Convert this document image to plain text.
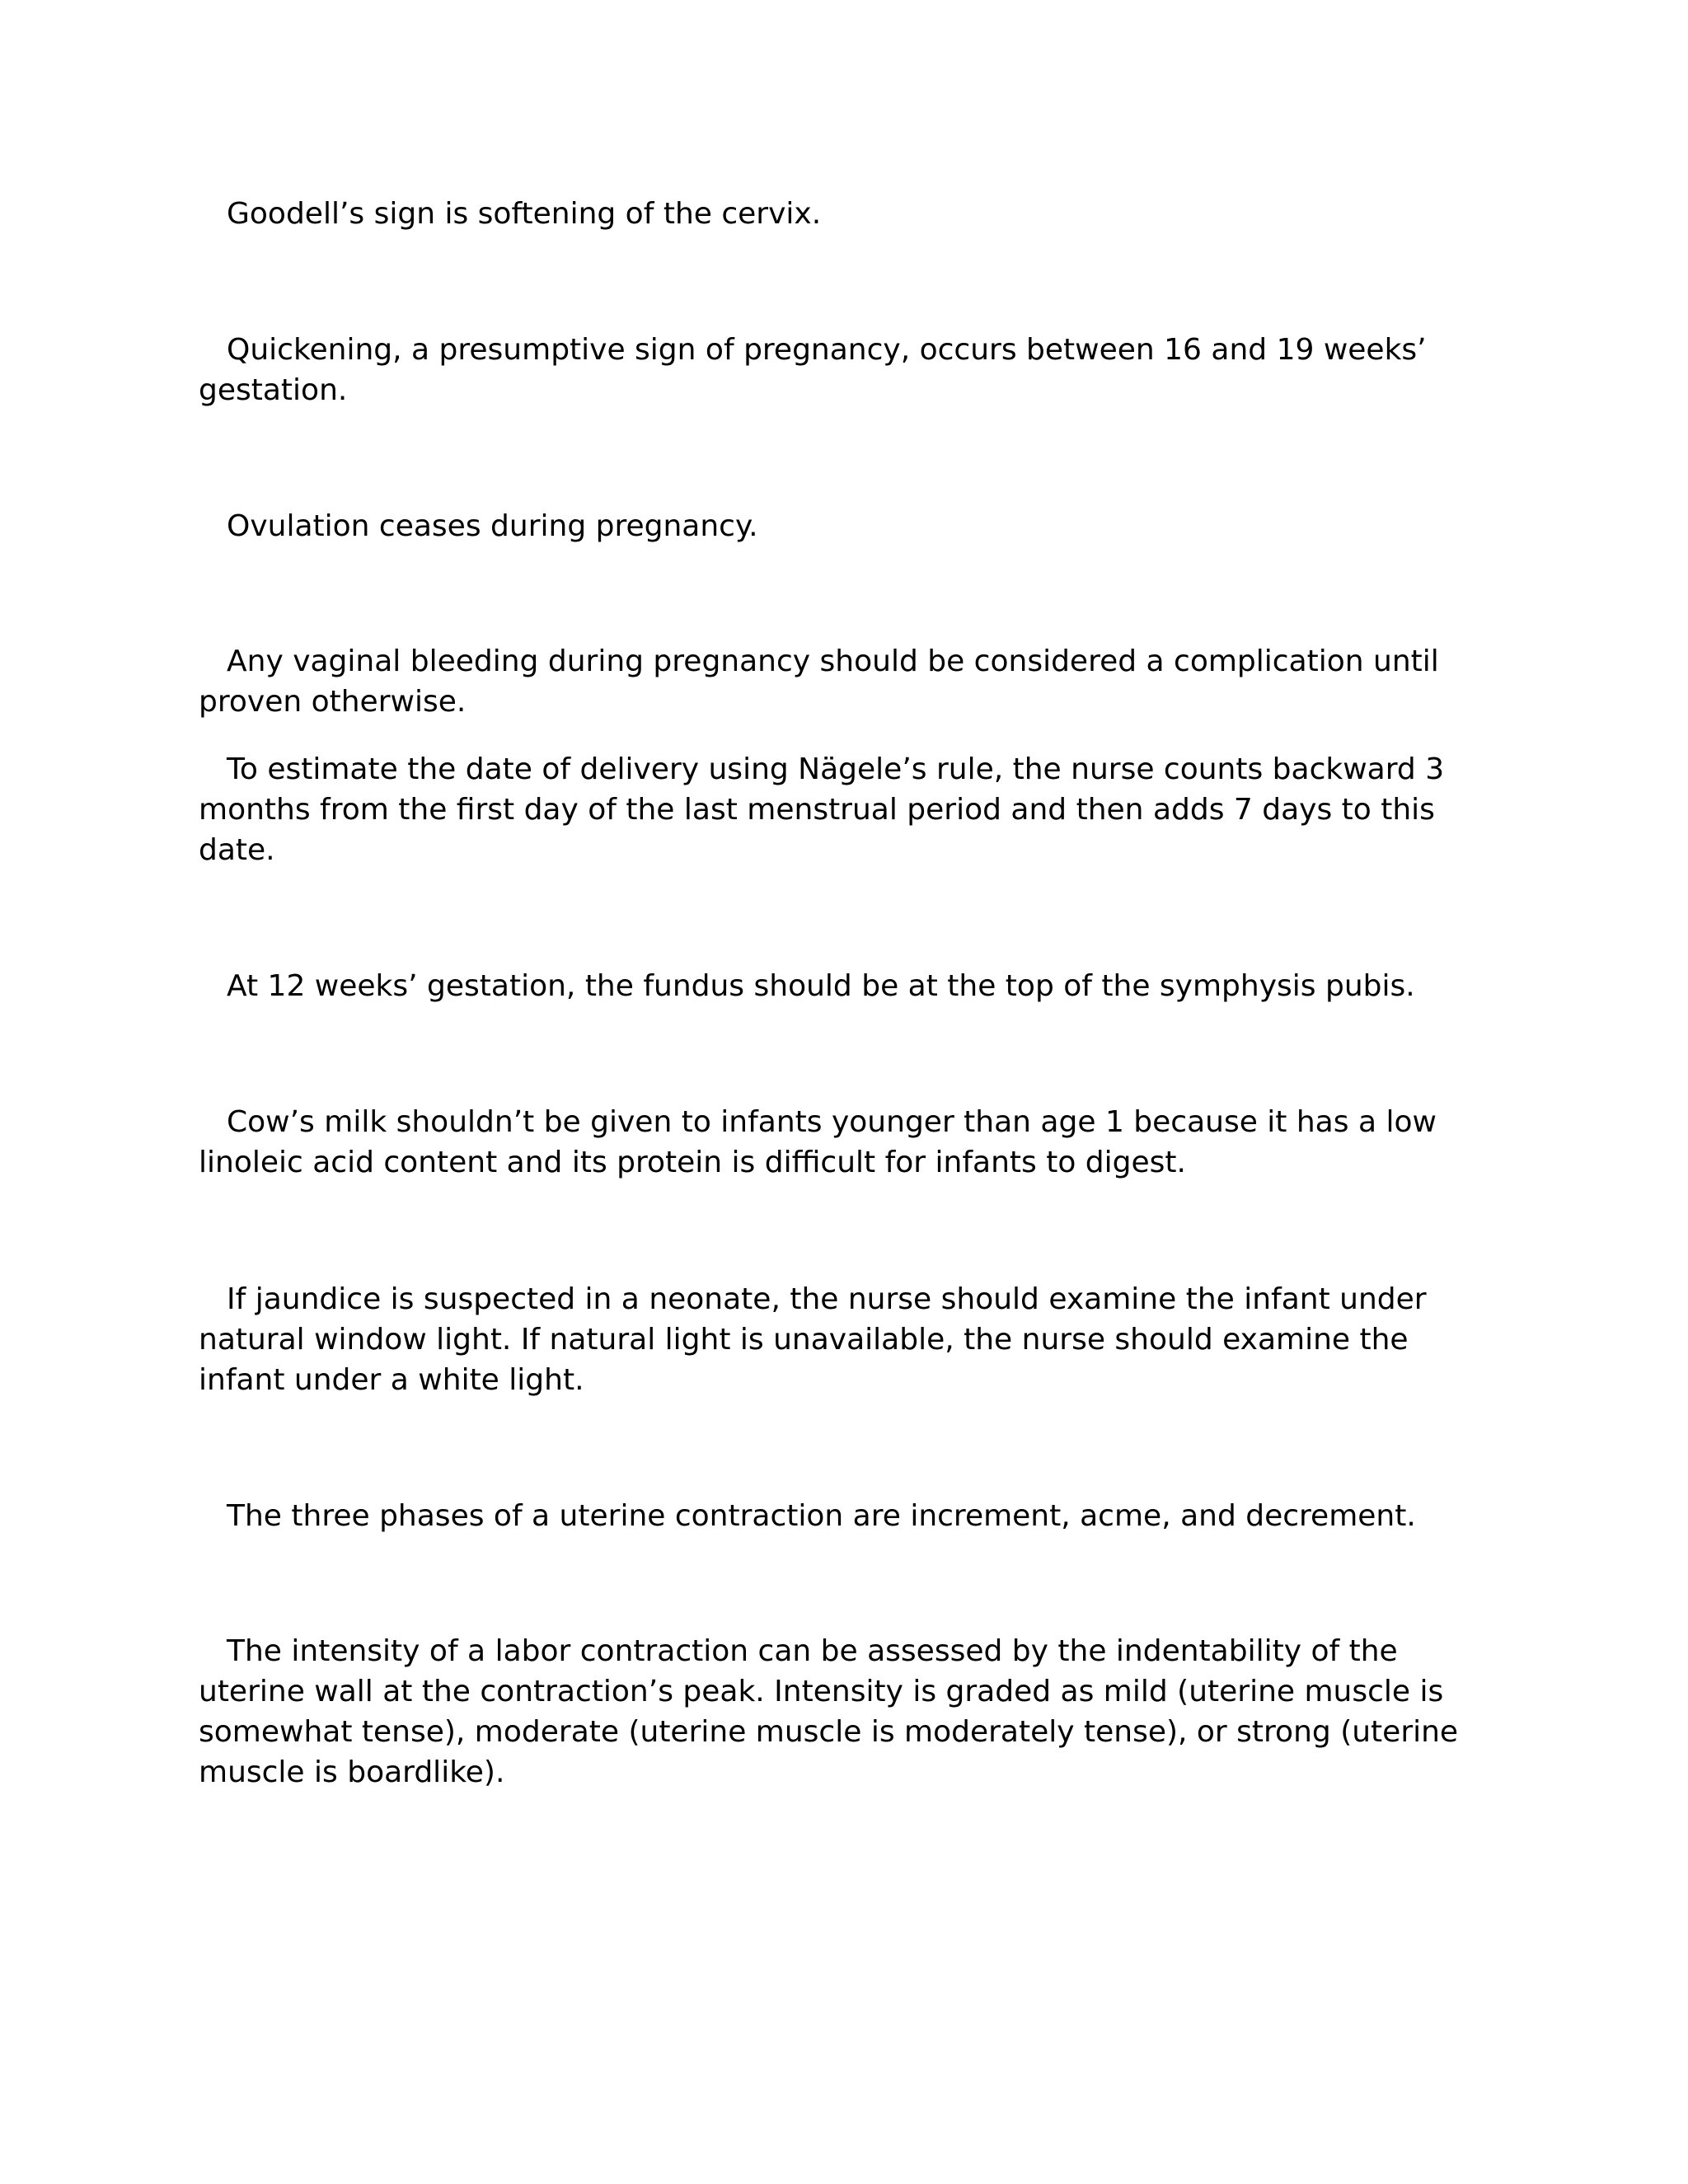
Goodell’s sign is softening of the cervix.

Quickening, a presumptive sign of pregnancy, occurs between 16 and 19 weeks’ gestation.

Ovulation ceases during pregnancy.

Any vaginal bleeding during pregnancy should be considered a complication until proven otherwise.

To estimate the date of delivery using Nägele’s rule, the nurse counts backward 3 months from the first day of the last menstrual period and then adds 7 days to this date.

At 12 weeks’ gestation, the fundus should be at the top of the symphysis pubis.

Cow’s milk shouldn’t be given to infants younger than age 1 because it has a low linoleic acid content and its protein is difficult for infants to digest.

If jaundice is suspected in a neonate, the nurse should examine the infant under natural window light. If natural light is unavailable, the nurse should examine the infant under a white light.

The three phases of a uterine contraction are increment, acme, and decrement.

The intensity of a labor contraction can be assessed by the indentability of the uterine wall at the contraction’s peak. Intensity is graded as mild (uterine muscle is somewhat tense), moderate (uterine muscle is moderately tense), or strong (uterine muscle is boardlike).
